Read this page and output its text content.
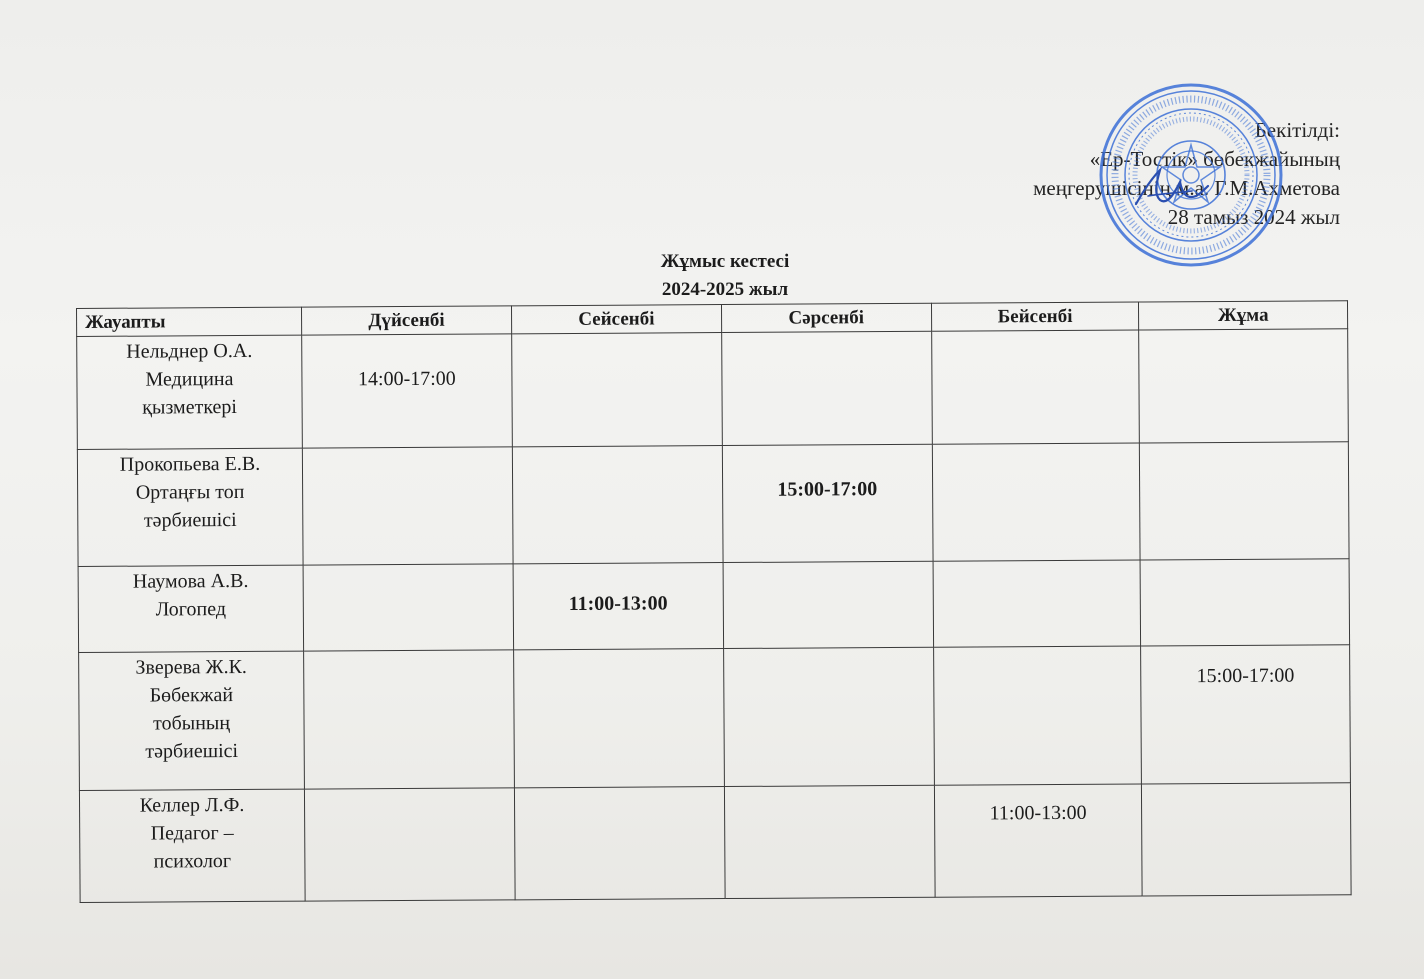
Бекітілді:
«Ер-Тостік» бөбекжайының
меңгерушісінің м.а. Г.М.Ахметова
28 тамыз 2024 жыл
Жұмыс кестесі
2024-2025 жыл
Жауапты	Дүйсенбі	Сейсенбі	Сәрсенбі	Бейсенбі	Жұма

Нельднер О.А.
Медицина
қызметкері	14:00-17:00				

Прокопьева Е.В.
Ортаңғы топ
тәрбиешісі			15:00-17:00		

Наумова А.В.
Логопед		11:00-13:00			

Зверева Ж.К.
Бөбекжай
тобының
тәрбиешісі					15:00-17:00

Келлер Л.Ф.
Педагог –
психолог				11:00-13:00	
